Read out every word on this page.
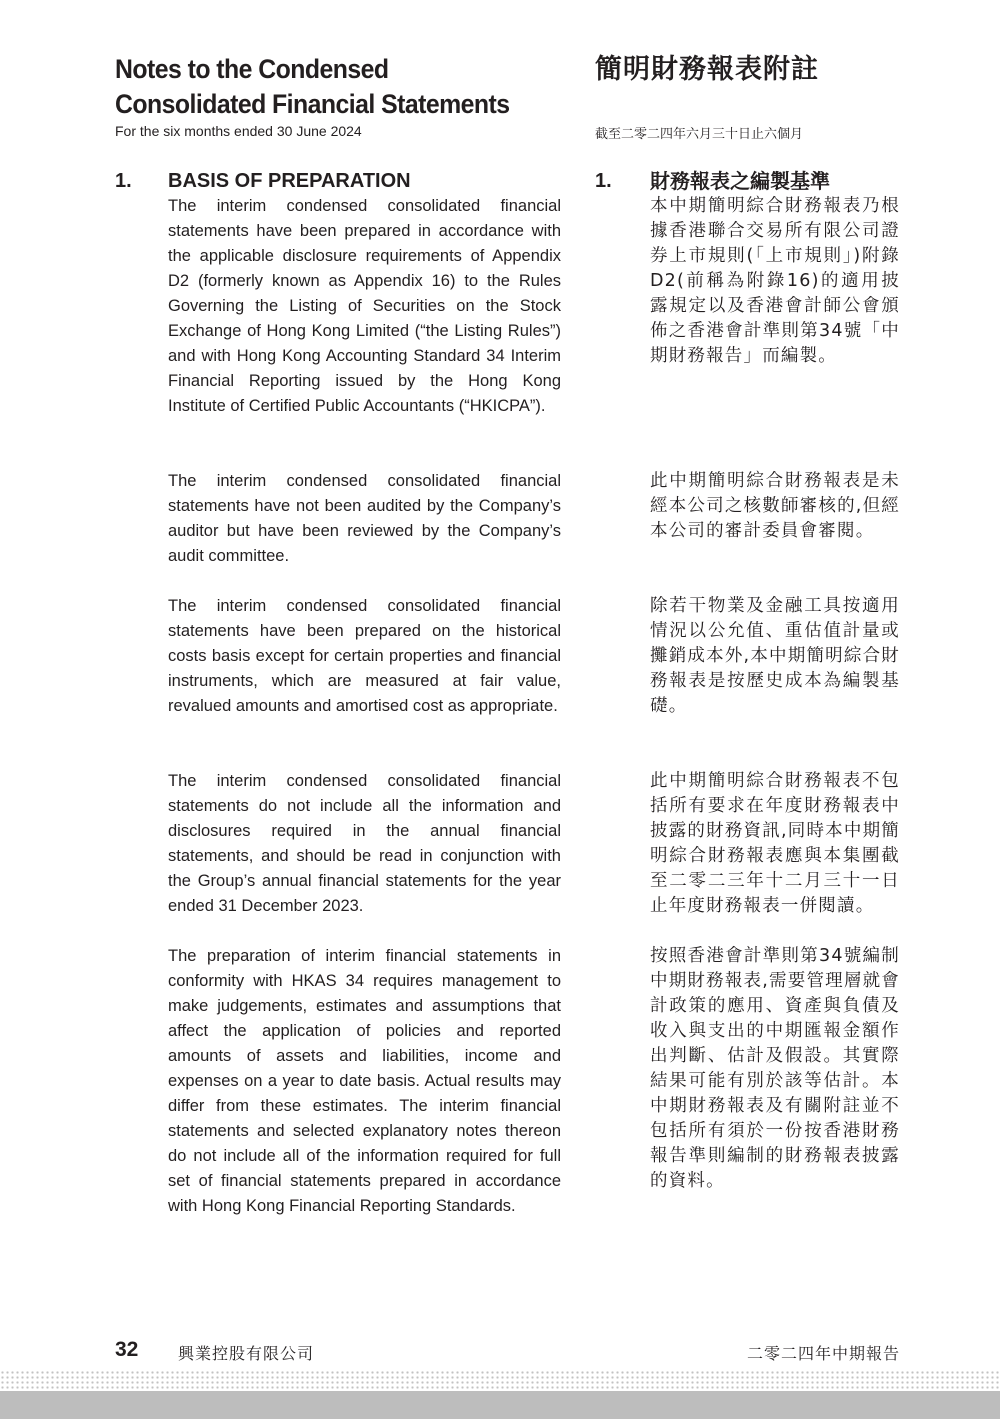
Notes to the Condensed Consolidated Financial Statements
For the six months ended 30 June 2024
簡明財務報表附註
截至二零二四年六月三十日止六個月
1. BASIS OF PREPARATION	1. 財務報表之編製基準
The interim condensed consolidated financial statements have been prepared in accordance with the applicable disclosure requirements of Appendix D2 (formerly known as Appendix 16) to the Rules Governing the Listing of Securities on the Stock Exchange of Hong Kong Limited (“the Listing Rules”) and with Hong Kong Accounting Standard 34 Interim Financial Reporting issued by the Hong Kong Institute of Certified Public Accountants (“HKICPA”).
The interim condensed consolidated financial statements have not been audited by the Company’s auditor but have been reviewed by the Company’s audit committee.
The interim condensed consolidated financial statements have been prepared on the historical costs basis except for certain properties and financial instruments, which are measured at fair value, revalued amounts and amortised cost as appropriate.
The interim condensed consolidated financial statements do not include all the information and disclosures required in the annual financial statements, and should be read in conjunction with the Group’s annual financial statements for the year ended 31 December 2023.
The preparation of interim financial statements in conformity with HKAS 34 requires management to make judgements, estimates and assumptions that affect the application of policies and reported amounts of assets and liabilities, income and expenses on a year to date basis. Actual results may differ from these estimates. The interim financial statements and selected explanatory notes thereon do not include all of the information required for full set of financial statements prepared in accordance with Hong Kong Financial Reporting Standards.
本中期簡明綜合財務報表乃根據香港聯合交易所有限公司證券上市規則(「上市規則」)附錄D2(前稱為附錄16)的適用披露規定以及香港會計師公會頒佈之香港會計準則第34號「中期財務報告」而編製。
此中期簡明綜合財務報表是未經本公司之核數師審核的,但經本公司的審計委員會審閱。
除若干物業及金融工具按適用情況以公允值、重估值計量或攤銷成本外,本中期簡明綜合財務報表是按歷史成本為編製基礎。
此中期簡明綜合財務報表不包括所有要求在年度財務報表中披露的財務資訊,同時本中期簡明綜合財務報表應與本集團截至二零二三年十二月三十一日止年度財務報表一併閱讀。
按照香港會計準則第34號編制中期財務報表,需要管理層就會計政策的應用、資產與負債及收入與支出的中期匯報金額作出判斷、估計及假設。其實際結果可能有別於該等估計。本中期財務報表及有關附註並不包括所有須於一份按香港財務報告準則編制的財務報表披露的資料。
32 興業控股有限公司	二零二四年中期報告
